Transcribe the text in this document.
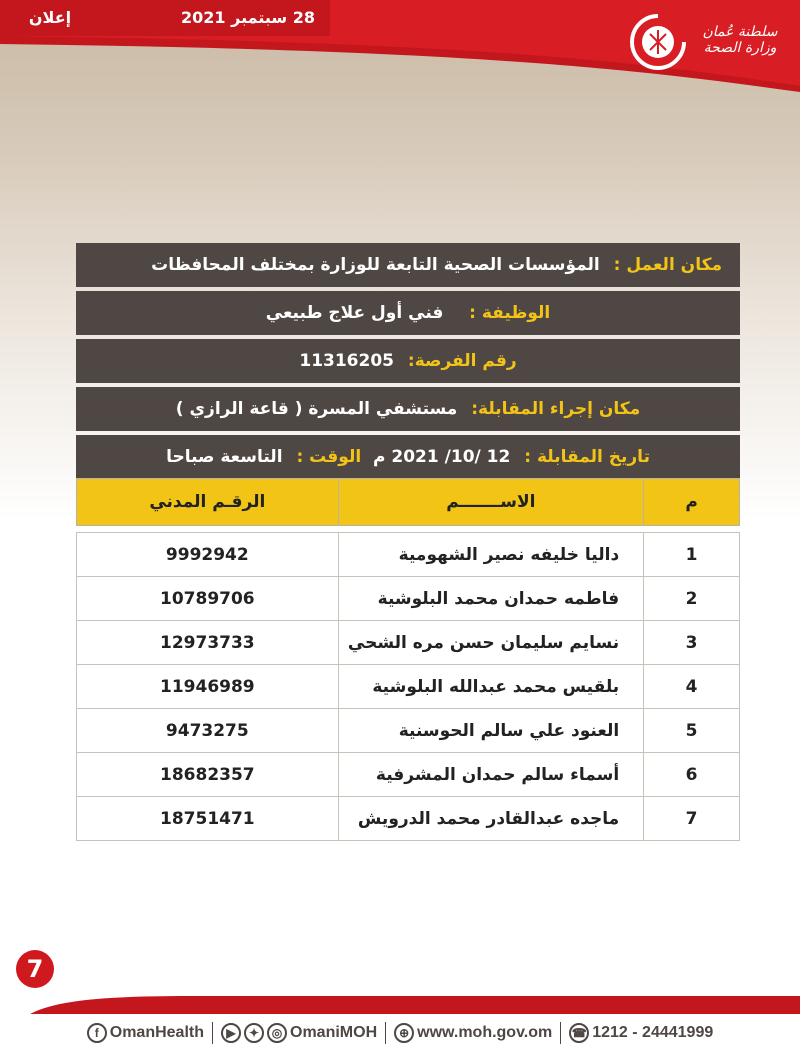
28 سبتمبر 2021
إعلان
سلطنة عُمان
وزارة الصحة
مكان العمل :
المؤسسات الصحية التابعة للوزارة بمختلف المحافظات
الوظيفة :
فني أول علاج طبيعي
رقم الفرصة:
11316205
مكان إجراء المقابلة:
مستشفي المسرة ( قاعة الرازي )
تاريخ المقابلة :
12 /10/ 2021 م
الوقت :
التاسعة صباحا
م	الاســـــــم	الرقـم المدني

1	داليا خليفه نصير الشهومية	9992942
2	فاطمه حمدان محمد البلوشية	10789706
3	نسايم سليمان حسن مره الشحي	12973733
4	بلقيس محمد عبدالله البلوشية	11946989
5	العنود علي سالم الحوسنية	9473275
6	أسماء سالم حمدان المشرفية	18682357
7	ماجده عبدالقادر محمد الدرويش	18751471
7
f OmanHealth	▶	✦	◎ OmaniMOH	⊕ www.moh.gov.om ☎ 1212 - 24441999
